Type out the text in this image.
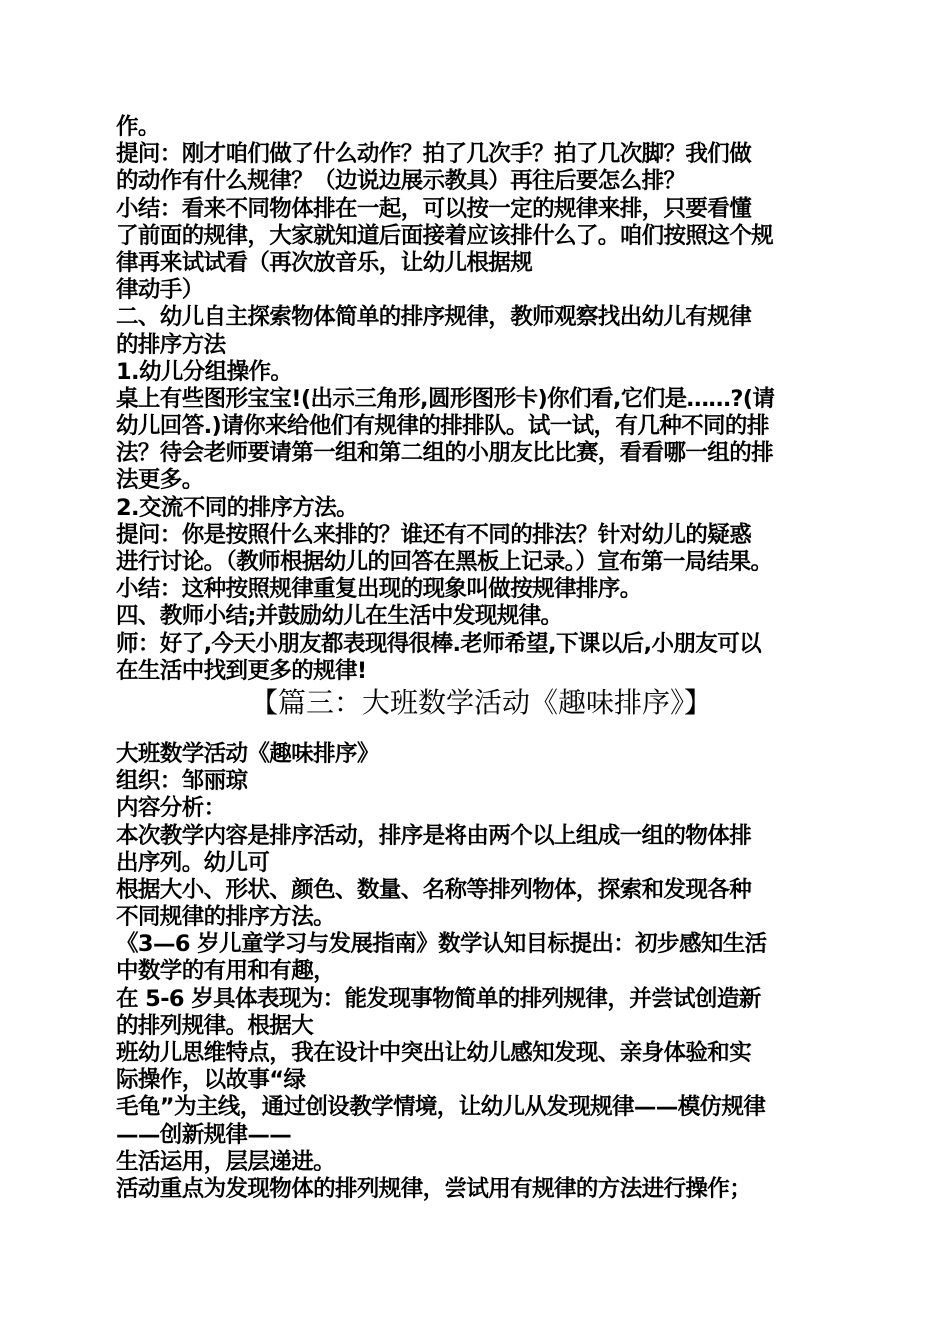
作。
提问：刚才咱们做了什么动作？拍了几次手？拍了几次脚？我们做
的动作有什么规律？（边说边展示教具）再往后要怎么排？
小结：看来不同物体排在一起，可以按一定的规律来排，只要看懂
了前面的规律，大家就知道后面接着应该排什么了。咱们按照这个规
律再来试试看（再次放音乐，让幼儿根据规
律动手）
二、幼儿自主探索物体简单的排序规律，教师观察找出幼儿有规律
的排序方法
1.幼儿分组操作。
桌上有些图形宝宝!(出示三角形,圆形图形卡)你们看,它们是……?(请
幼儿回答.)请你来给他们有规律的排排队。试一试，有几种不同的排
法？待会老师要请第一组和第二组的小朋友比比赛，看看哪一组的排
法更多。
2.交流不同的排序方法。
提问：你是按照什么来排的？谁还有不同的排法？针对幼儿的疑惑
进行讨论。（教师根据幼儿的回答在黑板上记录。）宣布第一局结果。
小结：这种按照规律重复出现的现象叫做按规律排序。
四、教师小结;并鼓励幼儿在生活中发现规律。
师：好了,今天小朋友都表现得很棒.老师希望,下课以后,小朋友可以
在生活中找到更多的规律!
【篇三：大班数学活动《趣味排序》】
大班数学活动《趣味排序》
组织：邹丽琼
内容分析：
本次教学内容是排序活动，排序是将由两个以上组成一组的物体排
出序列。幼儿可
根据大小、形状、颜色、数量、名称等排列物体，探索和发现各种
不同规律的排序方法。
《3—6 岁儿童学习与发展指南》数学认知目标提出：初步感知生活
中数学的有用和有趣，
在 5-6 岁具体表现为：能发现事物简单的排列规律，并尝试创造新
的排列规律。根据大
班幼儿思维特点，我在设计中突出让幼儿感知发现、亲身体验和实
际操作，以故事“绿
毛龟”为主线，通过创设教学情境，让幼儿从发现规律——模仿规律
——创新规律——
生活运用，层层递进。
活动重点为发现物体的排列规律，尝试用有规律的方法进行操作；
